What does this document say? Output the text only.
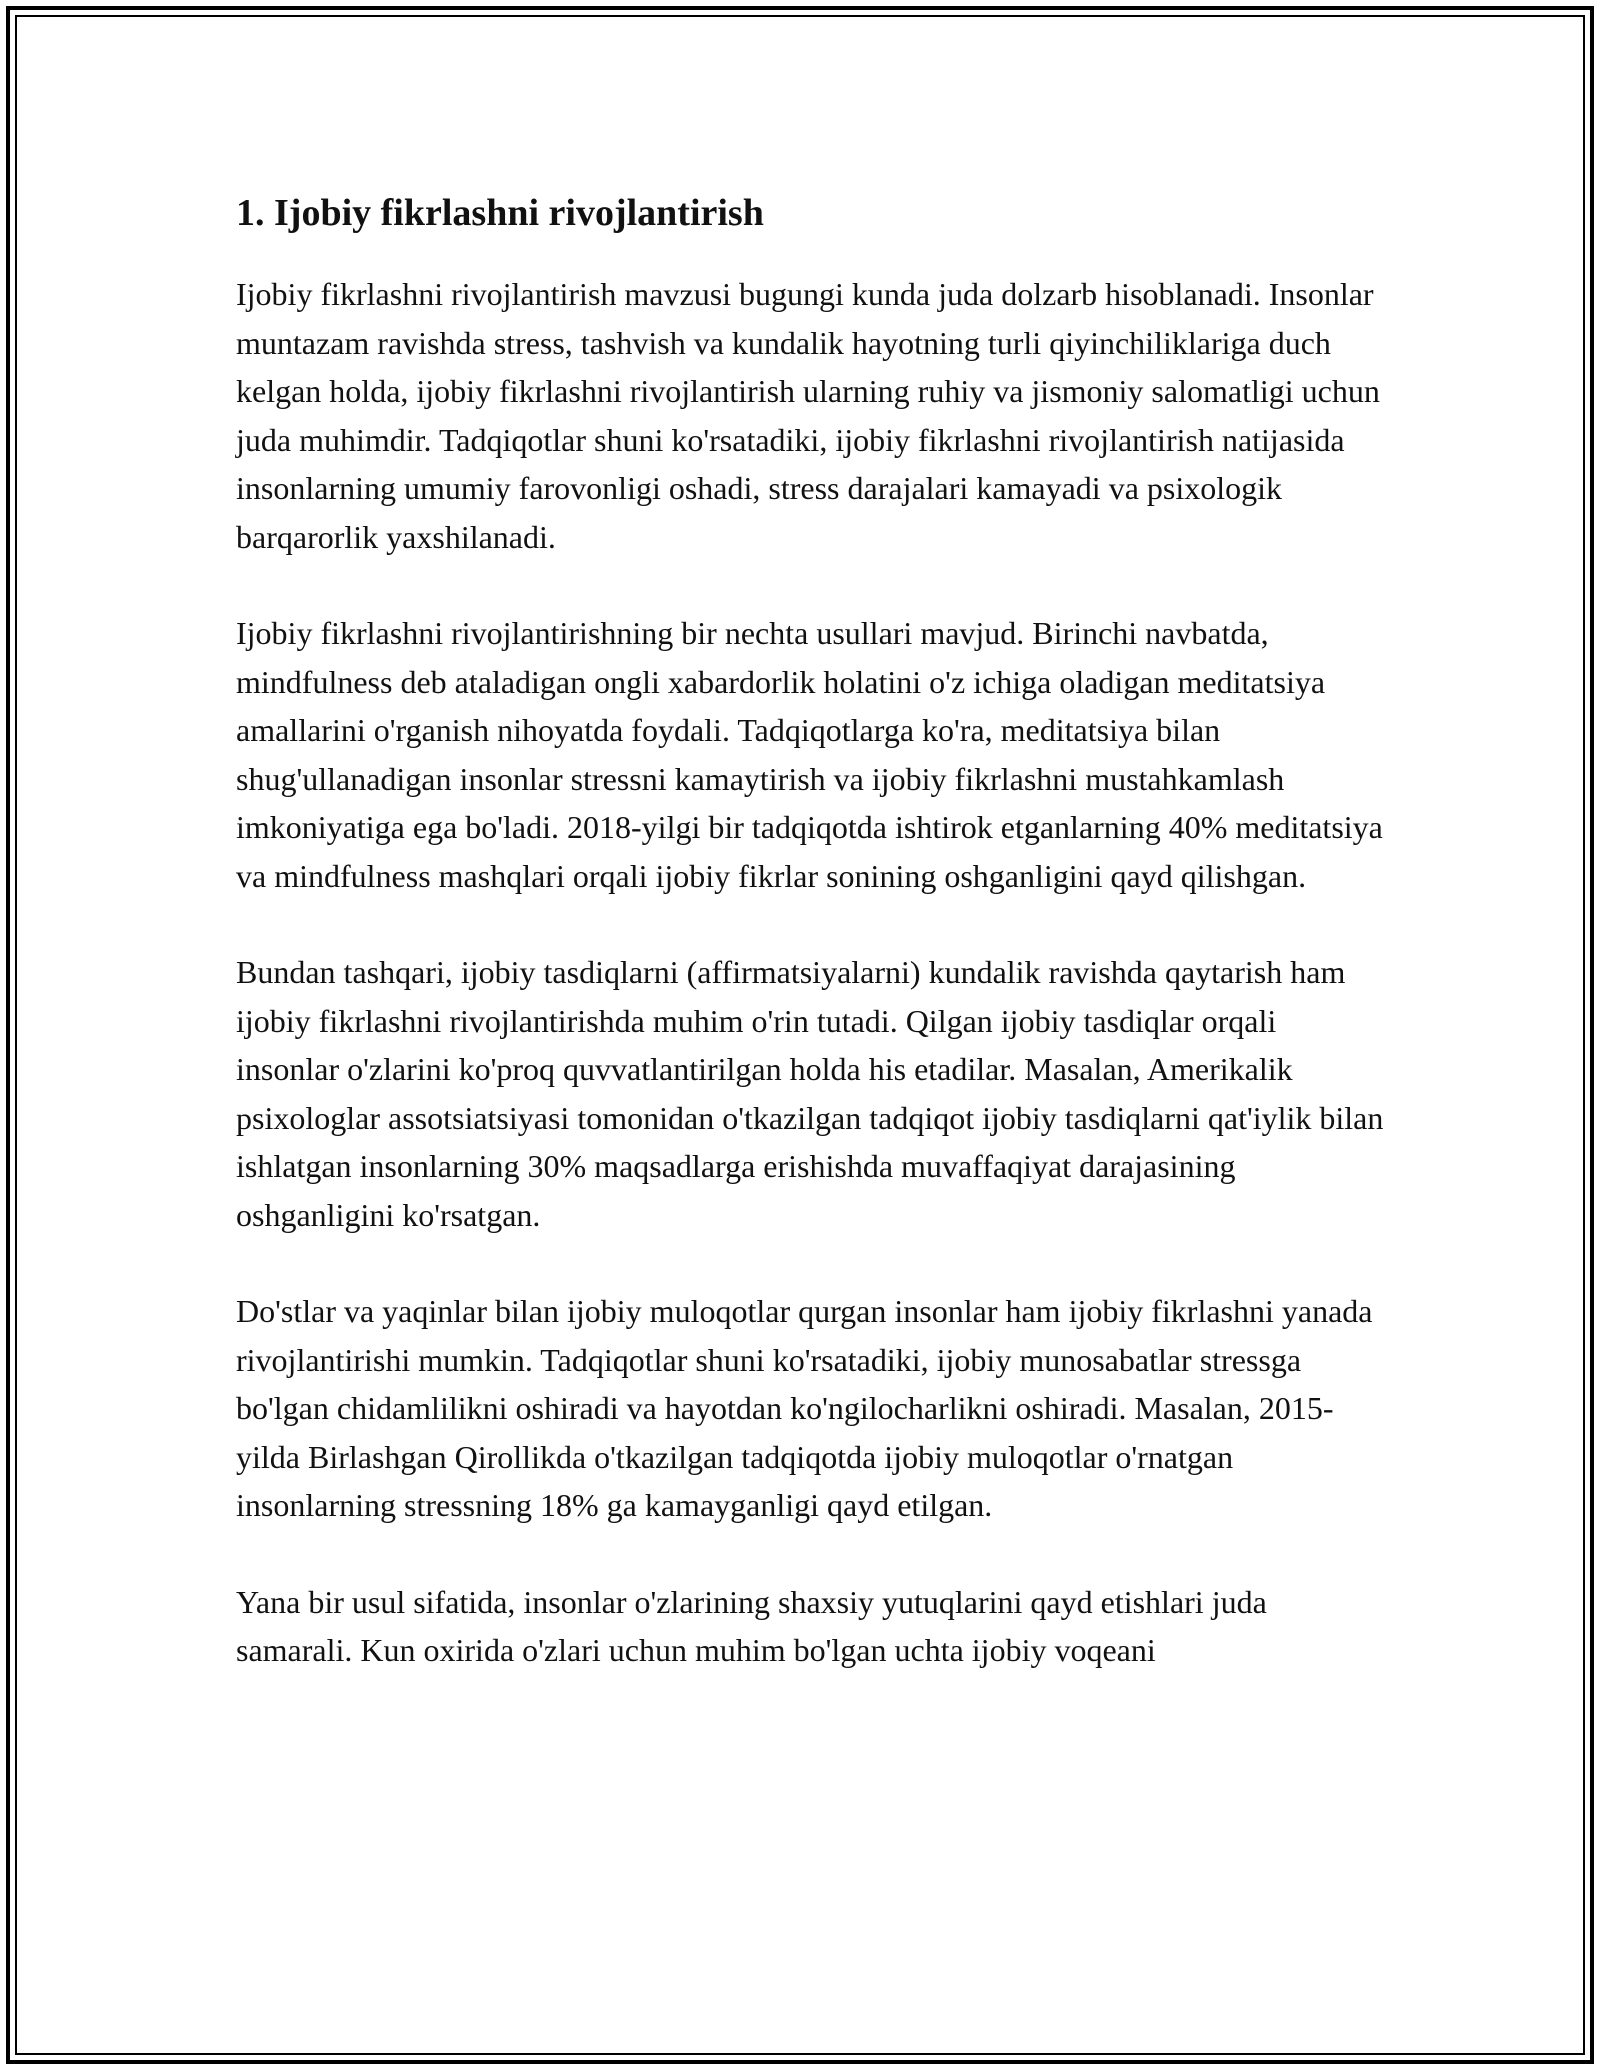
1. Ijobiy fikrlashni rivojlantirish

Ijobiy fikrlashni rivojlantirish mavzusi bugungi kunda juda dolzarb hisoblanadi. Insonlar muntazam ravishda stress, tashvish va kundalik hayotning turli qiyinchiliklariga duch kelgan holda, ijobiy fikrlashni rivojlantirish ularning ruhiy va jismoniy salomatligi uchun juda muhimdir. Tadqiqotlar shuni ko'rsatadiki, ijobiy fikrlashni rivojlantirish natijasida insonlarning umumiy farovonligi oshadi, stress darajalari kamayadi va psixologik barqarorlik yaxshilanadi.

Ijobiy fikrlashni rivojlantirishning bir nechta usullari mavjud. Birinchi navbatda, mindfulness deb ataladigan ongli xabardorlik holatini o'z ichiga oladigan meditatsiya amallarini o'rganish nihoyatda foydali. Tadqiqotlarga ko'ra, meditatsiya bilan shug'ullanadigan insonlar stressni kamaytirish va ijobiy fikrlashni mustahkamlash imkoniyatiga ega bo'ladi. 2018-yilgi bir tadqiqotda ishtirok etganlarning 40% meditatsiya va mindfulness mashqlari orqali ijobiy fikrlar sonining oshganligini qayd qilishgan.

Bundan tashqari, ijobiy tasdiqlarni (affirmatsiyalarni) kundalik ravishda qaytarish ham ijobiy fikrlashni rivojlantirishda muhim o'rin tutadi. Qilgan ijobiy tasdiqlar orqali insonlar o'zlarini ko'proq quvvatlantirilgan holda his etadilar. Masalan, Amerikalik psixologlar assotsiatsiyasi tomonidan o'tkazilgan tadqiqot ijobiy tasdiqlarni qat'iylik bilan ishlatgan insonlarning 30% maqsadlarga erishishda muvaffaqiyat darajasining oshganligini ko'rsatgan.

Do'stlar va yaqinlar bilan ijobiy muloqotlar qurgan insonlar ham ijobiy fikrlashni yanada rivojlantirishi mumkin. Tadqiqotlar shuni ko'rsatadiki, ijobiy munosabatlar stressga bo'lgan chidamlilikni oshiradi va hayotdan ko'ngilocharlikni oshiradi. Masalan, 2015-yilda Birlashgan Qirollikda o'tkazilgan tadqiqotda ijobiy muloqotlar o'rnatgan insonlarning stressning 18% ga kamayganligi qayd etilgan.

Yana bir usul sifatida, insonlar o'zlarining shaxsiy yutuqlarini qayd etishlari juda samarali. Kun oxirida o'zlari uchun muhim bo'lgan uchta ijobiy voqeani
